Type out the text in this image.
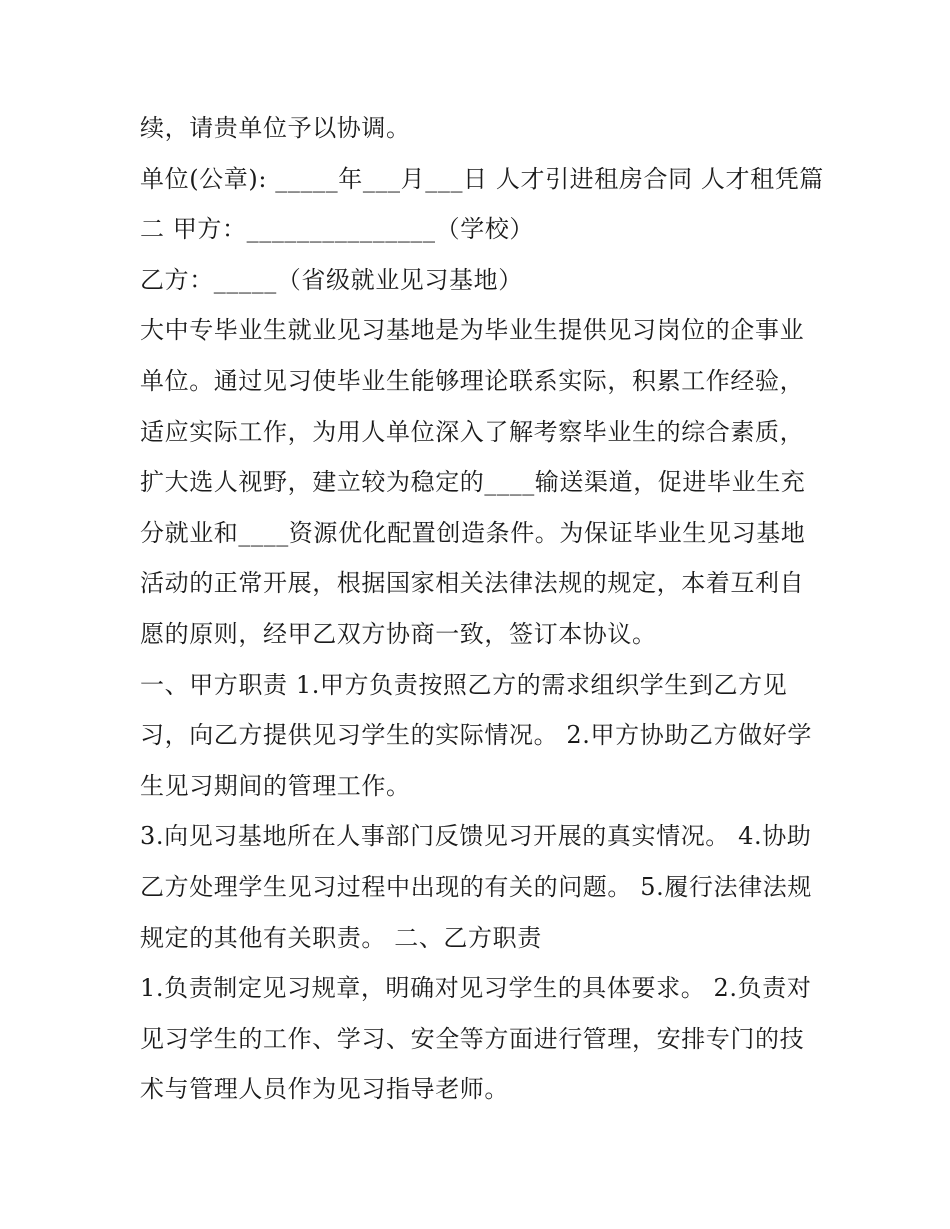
续，请贵单位予以协调。
单位(公章): _____年___月___日 人才引进租房合同 人才租凭篇
二 甲方：_______________（学校）
乙方：_____（省级就业见习基地）
大中专毕业生就业见习基地是为毕业生提供见习岗位的企事业
单位。通过见习使毕业生能够理论联系实际，积累工作经验，
适应实际工作，为用人单位深入了解考察毕业生的综合素质，
扩大选人视野，建立较为稳定的____输送渠道，促进毕业生充
分就业和____资源优化配置创造条件。为保证毕业生见习基地
活动的正常开展，根据国家相关法律法规的规定，本着互利自
愿的原则，经甲乙双方协商一致，签订本协议。
一、甲方职责 1.甲方负责按照乙方的需求组织学生到乙方见
习，向乙方提供见习学生的实际情况。 2.甲方协助乙方做好学
生见习期间的管理工作。
3.向见习基地所在人事部门反馈见习开展的真实情况。 4.协助
乙方处理学生见习过程中出现的有关的问题。 5.履行法律法规
规定的其他有关职责。 二、乙方职责
1.负责制定见习规章，明确对见习学生的具体要求。 2.负责对
见习学生的工作、学习、安全等方面进行管理，安排专门的技
术与管理人员作为见习指导老师。
